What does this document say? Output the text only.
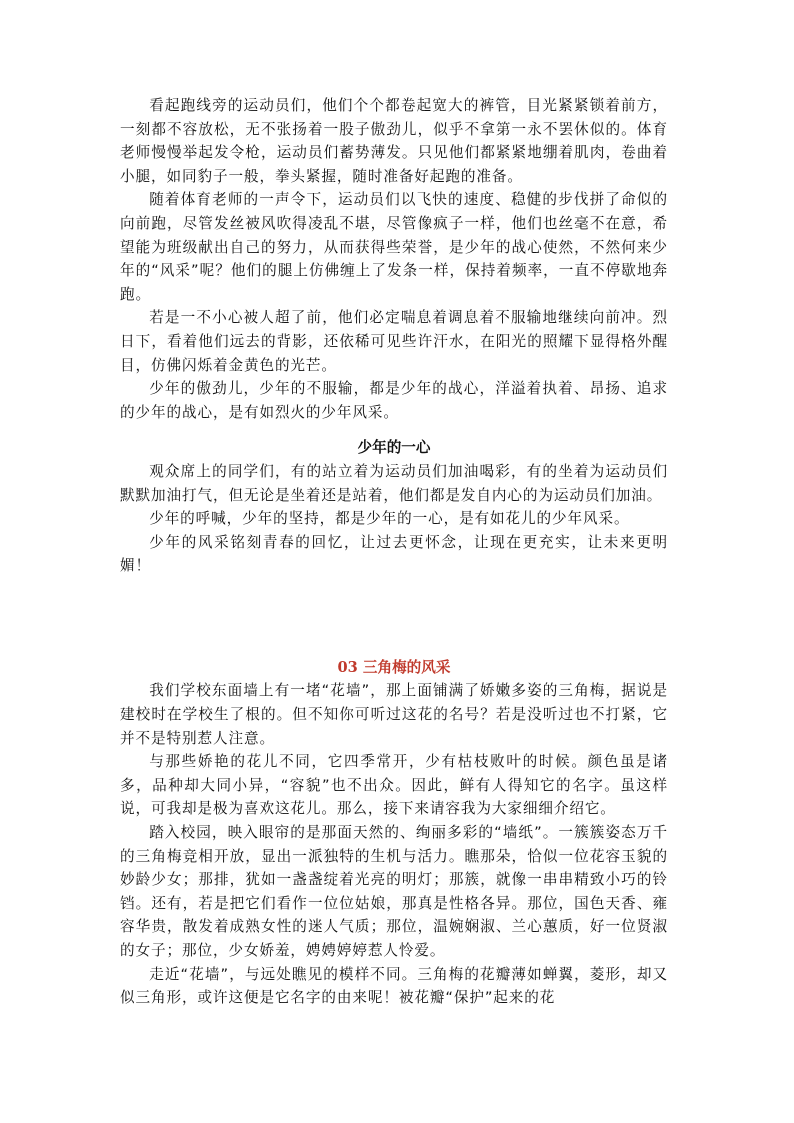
看起跑线旁的运动员们，他们个个都卷起宽大的裤管，目光紧紧锁着前方，一刻都不容放松，无不张扬着一股子傲劲儿，似乎不拿第一永不罢休似的。体育老师慢慢举起发令枪，运动员们蓄势薄发。只见他们都紧紧地绷着肌肉，卷曲着小腿，如同豹子一般，拳头紧握，随时准备好起跑的准备。

随着体育老师的一声令下，运动员们以飞快的速度、稳健的步伐拼了命似的向前跑，尽管发丝被风吹得凌乱不堪，尽管像疯子一样，他们也丝毫不在意，希望能为班级献出自己的努力，从而获得些荣誉，是少年的战心使然，不然何来少年的“风采”呢？他们的腿上仿佛缠上了发条一样，保持着频率，一直不停歇地奔跑。

若是一不小心被人超了前，他们必定喘息着调息着不服输地继续向前冲。烈日下，看着他们远去的背影，还依稀可见些许汗水，在阳光的照耀下显得格外醒目，仿佛闪烁着金黄色的光芒。

少年的傲劲儿，少年的不服输，都是少年的战心，洋溢着执着、昂扬、追求的少年的战心，是有如烈火的少年风采。

少年的一心

观众席上的同学们，有的站立着为运动员们加油喝彩，有的坐着为运动员们默默加油打气，但无论是坐着还是站着，他们都是发自内心的为运动员们加油。

少年的呼喊，少年的坚持，都是少年的一心，是有如花儿的少年风采。

少年的风采铭刻青春的回忆，让过去更怀念，让现在更充实，让未来更明媚！

03 三角梅的风采

我们学校东面墙上有一堵“花墙”，那上面铺满了娇嫩多姿的三角梅，据说是建校时在学校生了根的。但不知你可听过这花的名号？若是没听过也不打紧，它并不是特别惹人注意。

与那些娇艳的花儿不同，它四季常开，少有枯枝败叶的时候。颜色虽是诸多，品种却大同小异，“容貌”也不出众。因此，鲜有人得知它的名字。虽这样说，可我却是极为喜欢这花儿。那么，接下来请容我为大家细细介绍它。

踏入校园，映入眼帘的是那面天然的、绚丽多彩的“墙纸”。一簇簇姿态万千的三角梅竞相开放，显出一派独特的生机与活力。瞧那朵，恰似一位花容玉貌的妙龄少女；那排，犹如一盏盏绽着光亮的明灯；那簇，就像一串串精致小巧的铃铛。还有，若是把它们看作一位位姑娘，那真是性格各异。那位，国色天香、雍容华贵，散发着成熟女性的迷人气质；那位，温婉娴淑、兰心蕙质，好一位贤淑的女子；那位，少女娇羞，娉娉婷婷惹人怜爱。

走近“花墙”，与远处瞧见的模样不同。三角梅的花瓣薄如蝉翼，菱形，却又似三角形，或许这便是它名字的由来呢！被花瓣“保护”起来的花
